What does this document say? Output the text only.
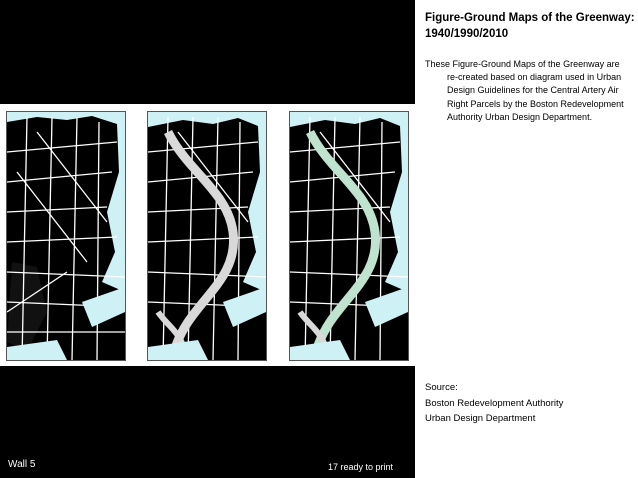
1940	1990	2010
Wall 5	17 ready to print
Figure-Ground Maps of the Greenway: 1940/1990/2010
These Figure-Ground Maps of the Greenway are re-created based on diagram used in Urban Design Guidelines for the Central Artery Air Right Parcels by the Boston Redevelopment Authority Urban Design Department.
Source:
Boston Redevelopment Authority
Urban Design Department
